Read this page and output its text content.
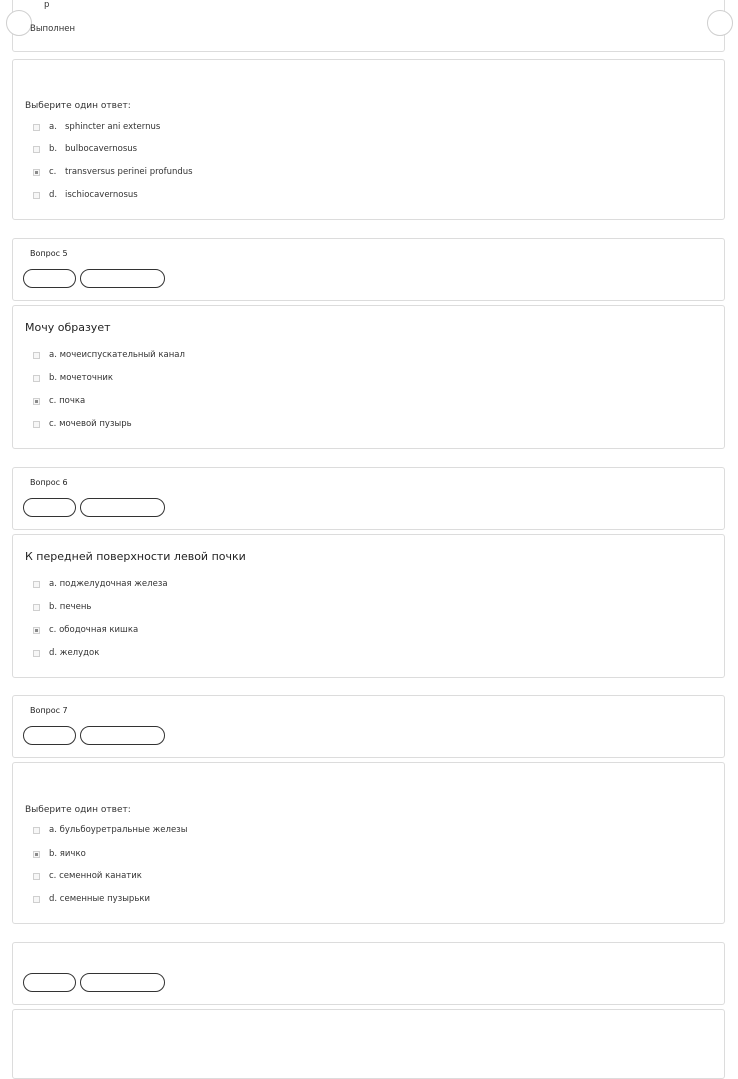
р
Выполнен
Выберите один ответ:
a. sphincter ani externus
b. bulbocavernosus
c.	transversus perinei profundus
d. ischiocavernosus
Вопрос 5
Мочу образует
a. мочеиспускательный канал
b. мочеточник
c. почка
c. мочевой пузырь
Вопрос 6
К передней поверхности левой почки
a. поджелудочная железа
b. печень
c. ободочная кишка
d. желудок
Вопрос 7
Выберите один ответ:
a. бульбоуретральные железы
b. яичко
c. семенной канатик
d. семенные пузырьки
